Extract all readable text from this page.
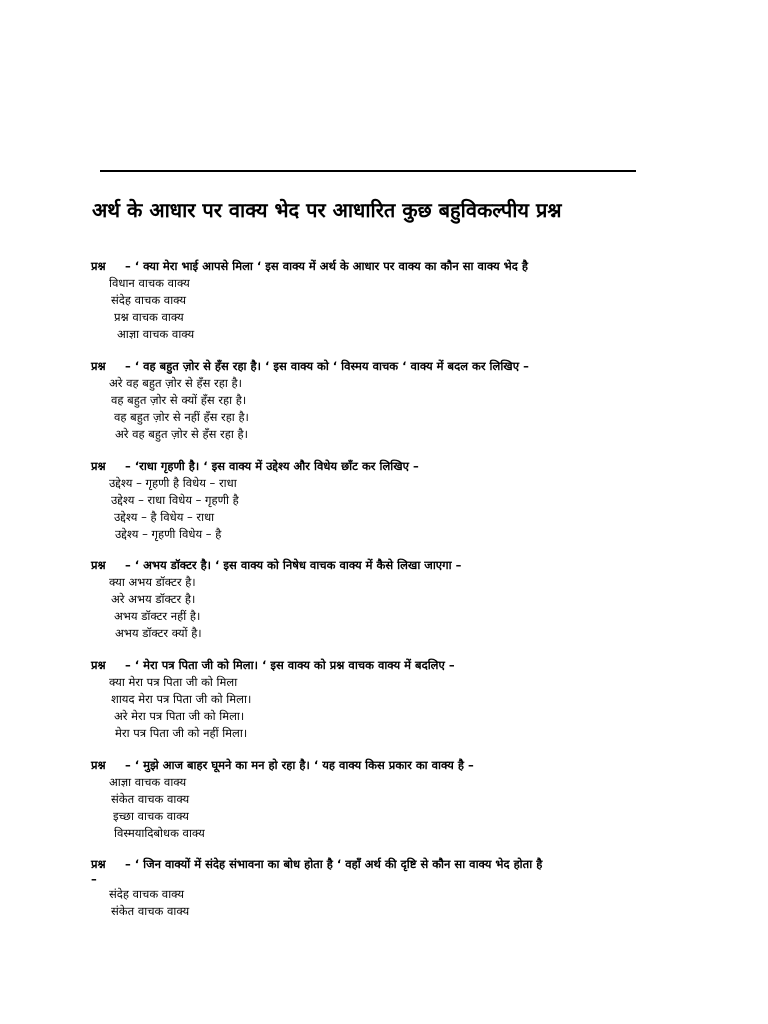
अर्थ के आधार पर वाक्य भेद पर आधारित कुछ बहुविकल्पीय प्रश्न
प्रश्न – ‘ क्या मेरा भाई आपसे मिला ‘ इस वाक्य में अर्थ के आधार पर वाक्य का कौन सा वाक्य भेद है
विधान वाचक वाक्य
संदेह वाचक वाक्य
प्रश्न वाचक वाक्य
आज्ञा वाचक वाक्य
प्रश्न – ‘ वह बहुत ज़ोर से हँस रहा है। ‘ इस वाक्य को ‘ विस्मय वाचक ‘ वाक्य में बदल कर लिखिए –
अरे वह बहुत ज़ोर से हँस रहा है।
वह बहुत ज़ोर से क्यों हँस रहा है।
वह बहुत ज़ोर से नहीं हँस रहा है।
अरे वह बहुत ज़ोर से हँस रहा है।
प्रश्न – ‘राधा गृहणी है। ‘ इस वाक्य में उद्देश्य और विधेय छाँट कर लिखिए –
उद्देश्य – गृहणी है विधेय – राधा
उद्देश्य – राधा विधेय – गृहणी है
उद्देश्य – है विधेय – राधा
उद्देश्य – गृहणी विधेय – है
प्रश्न – ‘ अभय डॉक्टर है। ‘ इस वाक्य को निषेध वाचक वाक्य में कैसे लिखा जाएगा –
क्या अभय डॉक्टर है।
अरे अभय डॉक्टर है।
अभय डॉक्टर नहीं है।
अभय डॉक्टर क्यों है।
प्रश्न – ‘ मेरा पत्र पिता जी को मिला। ‘ इस वाक्य को प्रश्न वाचक वाक्य में बदलिए –
क्या मेरा पत्र पिता जी को मिला
शायद मेरा पत्र पिता जी को मिला।
अरे मेरा पत्र पिता जी को मिला।
मेरा पत्र पिता जी को नहीं मिला।
प्रश्न – ‘ मुझे आज बाहर घूमने का मन हो रहा है। ‘ यह वाक्य किस प्रकार का वाक्य है –
आज्ञा वाचक वाक्य
संकेत वाचक वाक्य
इच्छा वाचक वाक्य
विस्मयादिबोधक वाक्य
प्रश्न – ‘ जिन वाक्यों में संदेह संभावना का बोध होता है ‘ वहाँ अर्थ की दृष्टि से कौन सा वाक्य भेद होता है
–
संदेह वाचक वाक्य
संकेत वाचक वाक्य
